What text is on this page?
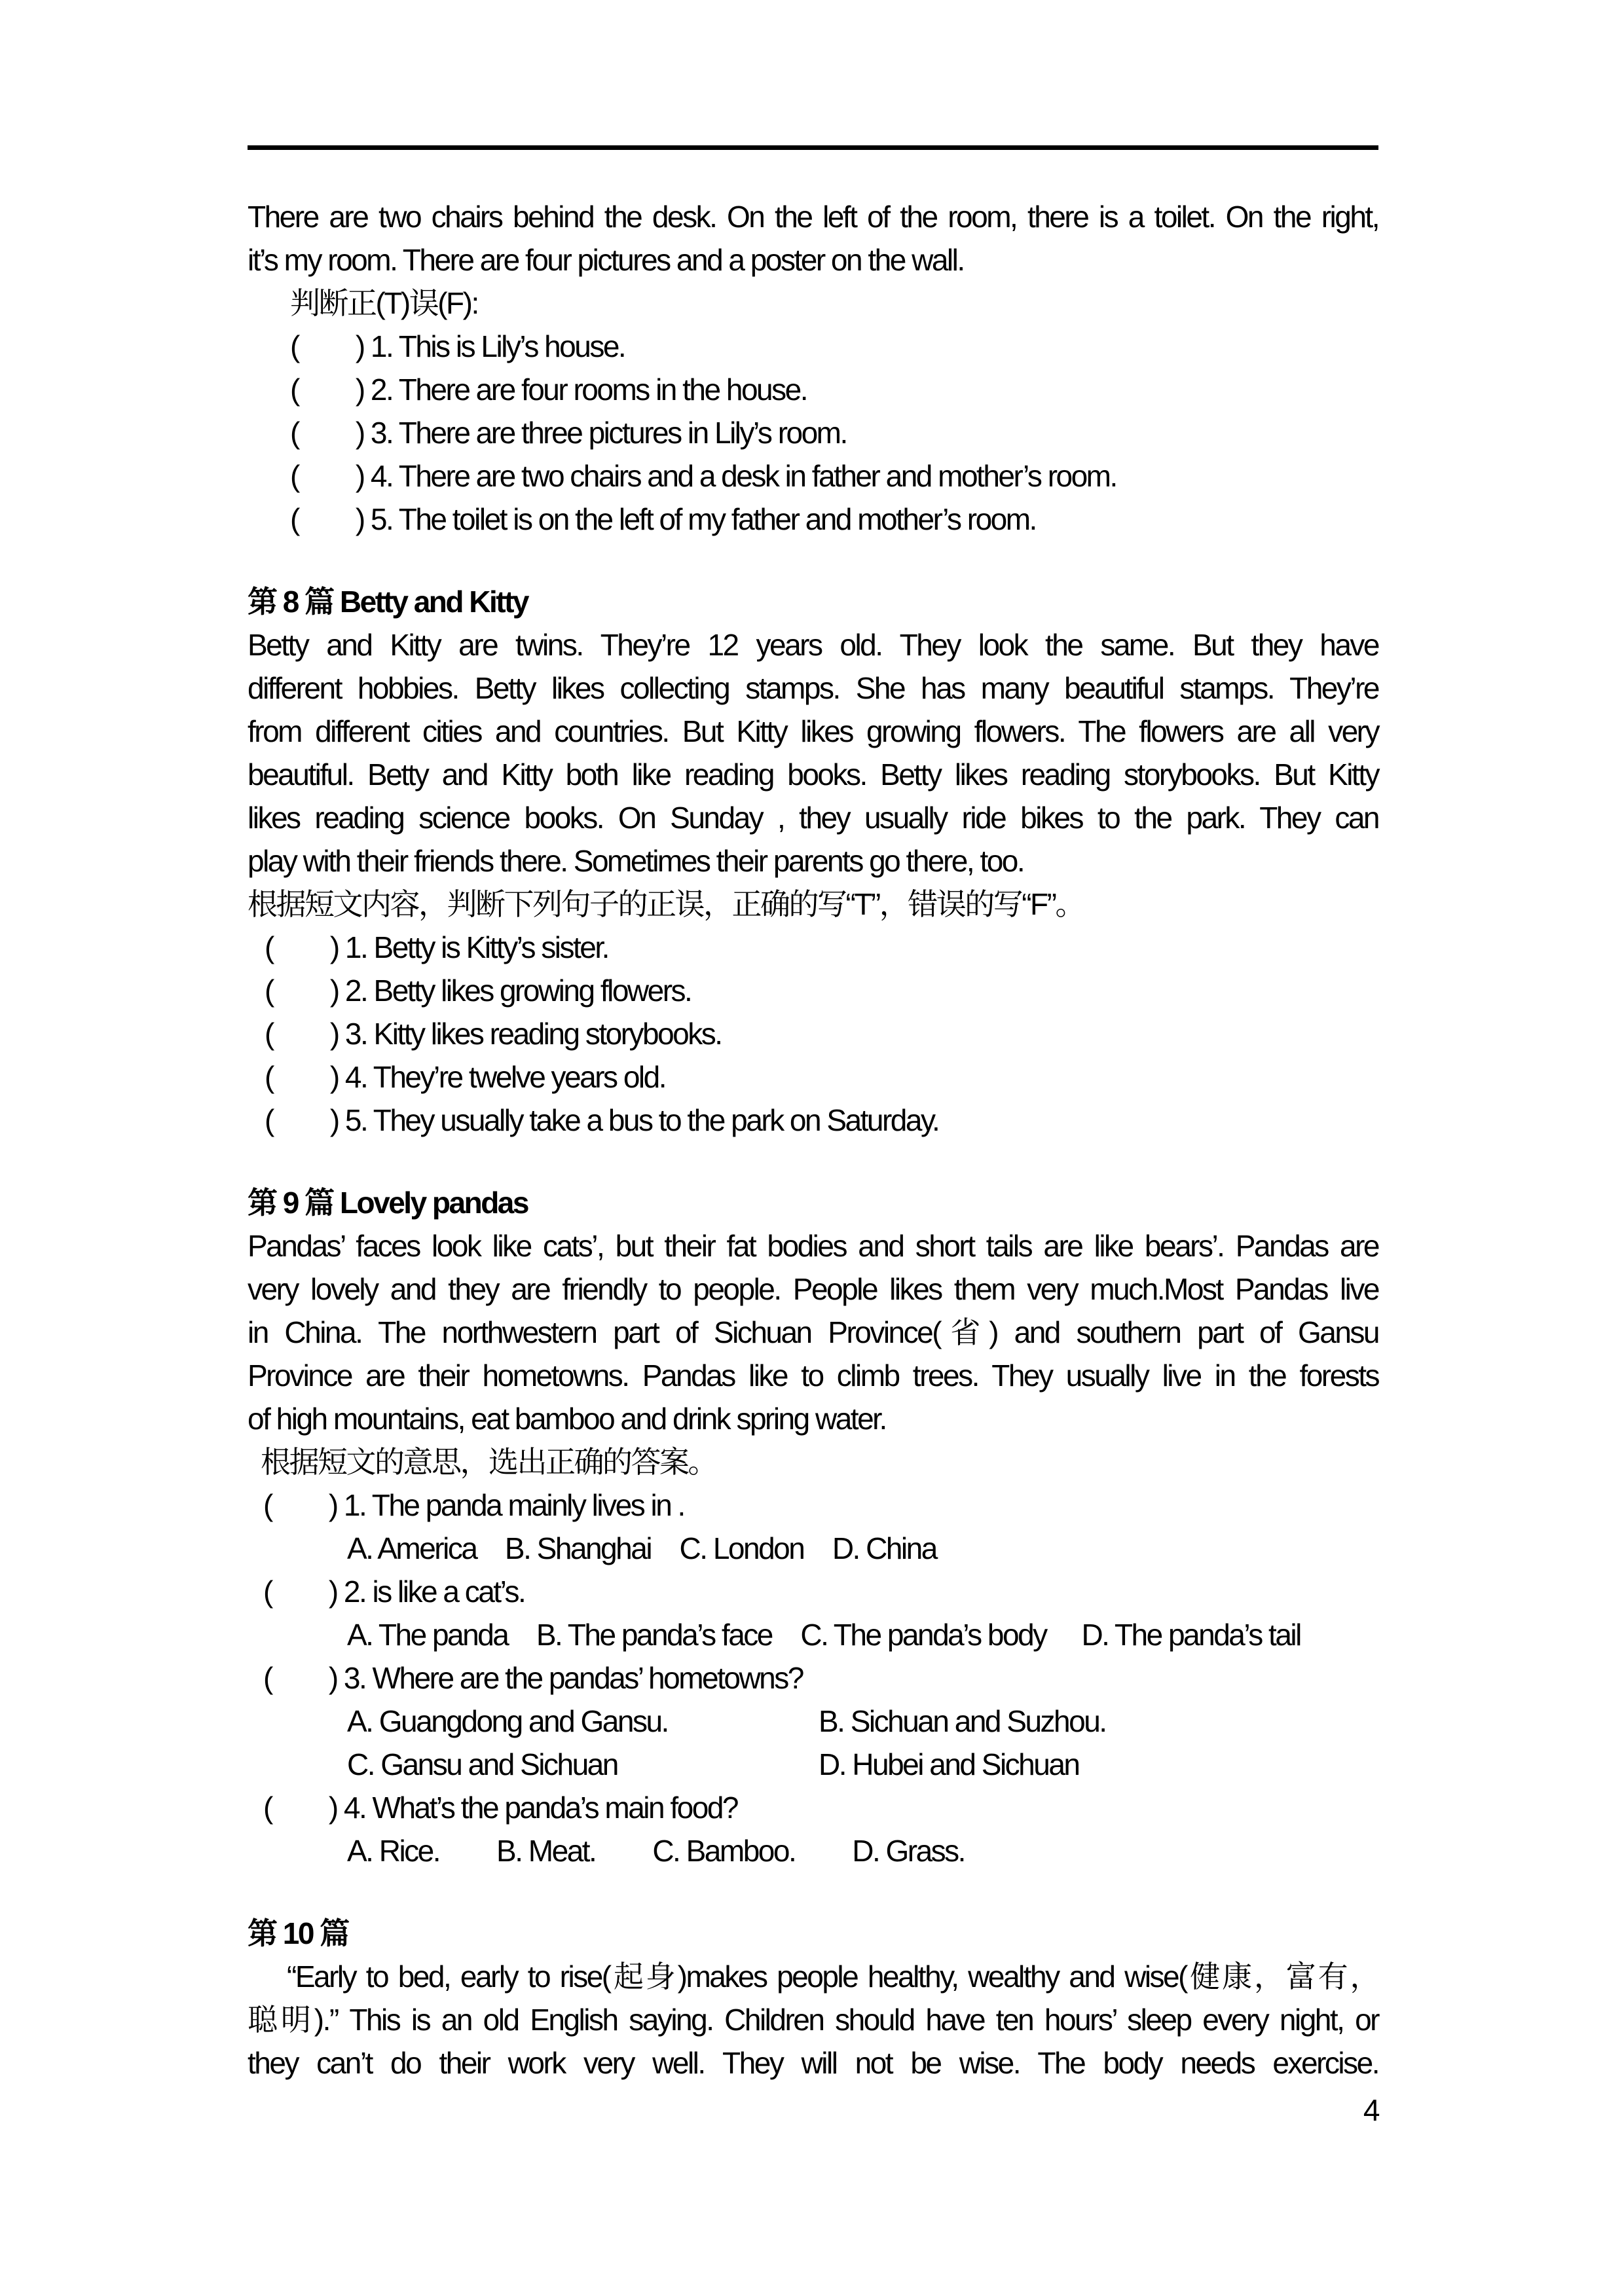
There are two chairs behind the desk. On the left of the room, there is a toilet. On the right,
it’s my room. There are four pictures and a poster on the wall.
判断正(T)误(F):
(  ) 1. This is Lily’s house.
(  ) 2. There are four rooms in the house.
(  ) 3. There are three pictures in Lily’s room.
(  ) 4. There are two chairs and a desk in father and mother’s room.
(  ) 5. The toilet is on the left of my father and mother’s room.
第 8 篇 Betty and Kitty
Betty and Kitty are twins. They’re 12 years old. They look the same. But they have
different hobbies. Betty likes collecting stamps. She has many beautiful stamps. They’re
from different cities and countries. But Kitty likes growing flowers. The flowers are all very
beautiful. Betty and Kitty both like reading books. Betty likes reading storybooks. But Kitty
likes reading science books. On Sunday , they usually ride bikes to the park. They can
play with their friends there. Sometimes their parents go there, too.
根据短文内容，判断下列句子的正误，正确的写“T”，错误的写“F”。
(  ) 1. Betty is Kitty’s sister.
(  ) 2. Betty likes growing flowers.
(  ) 3. Kitty likes reading storybooks.
(  ) 4. They’re twelve years old.
(  ) 5. They usually take a bus to the park on Saturday.
第 9 篇 Lovely pandas
Pandas’ faces look like cats’, but their fat bodies and short tails are like bears’. Pandas are
very lovely and they are friendly to people. People likes them very much.Most Pandas live
in China. The northwestern part of Sichuan Province(省) and southern part of Gansu
Province are their hometowns. Pandas like to climb trees. They usually live in the forests
of high mountains, eat bamboo and drink spring water.
根据短文的意思，选出正确的答案。
(  ) 1. The panda mainly lives in .
A. America B. Shanghai C. London D. China
(  ) 2. is like a cat’s.
A. The panda B. The panda’s face C. The panda’s body  D. The panda’s tail
(  ) 3. Where are the pandas’ hometowns?
A. Guangdong and Gansu.	B. Sichuan and Suzhou.
C. Gansu and Sichuan	D. Hubei and Sichuan
(  ) 4. What’s the panda’s main food?
A. Rice.  B. Meat.  C. Bamboo.  D. Grass.
第 10 篇
“Early to bed, early to rise(起身)makes people healthy, wealthy and wise(健康，富有，
聪明).” This is an old English saying. Children should have ten hours’ sleep every night, or
they can’t do their work very well. They will not be wise. The body needs exercise.
4
